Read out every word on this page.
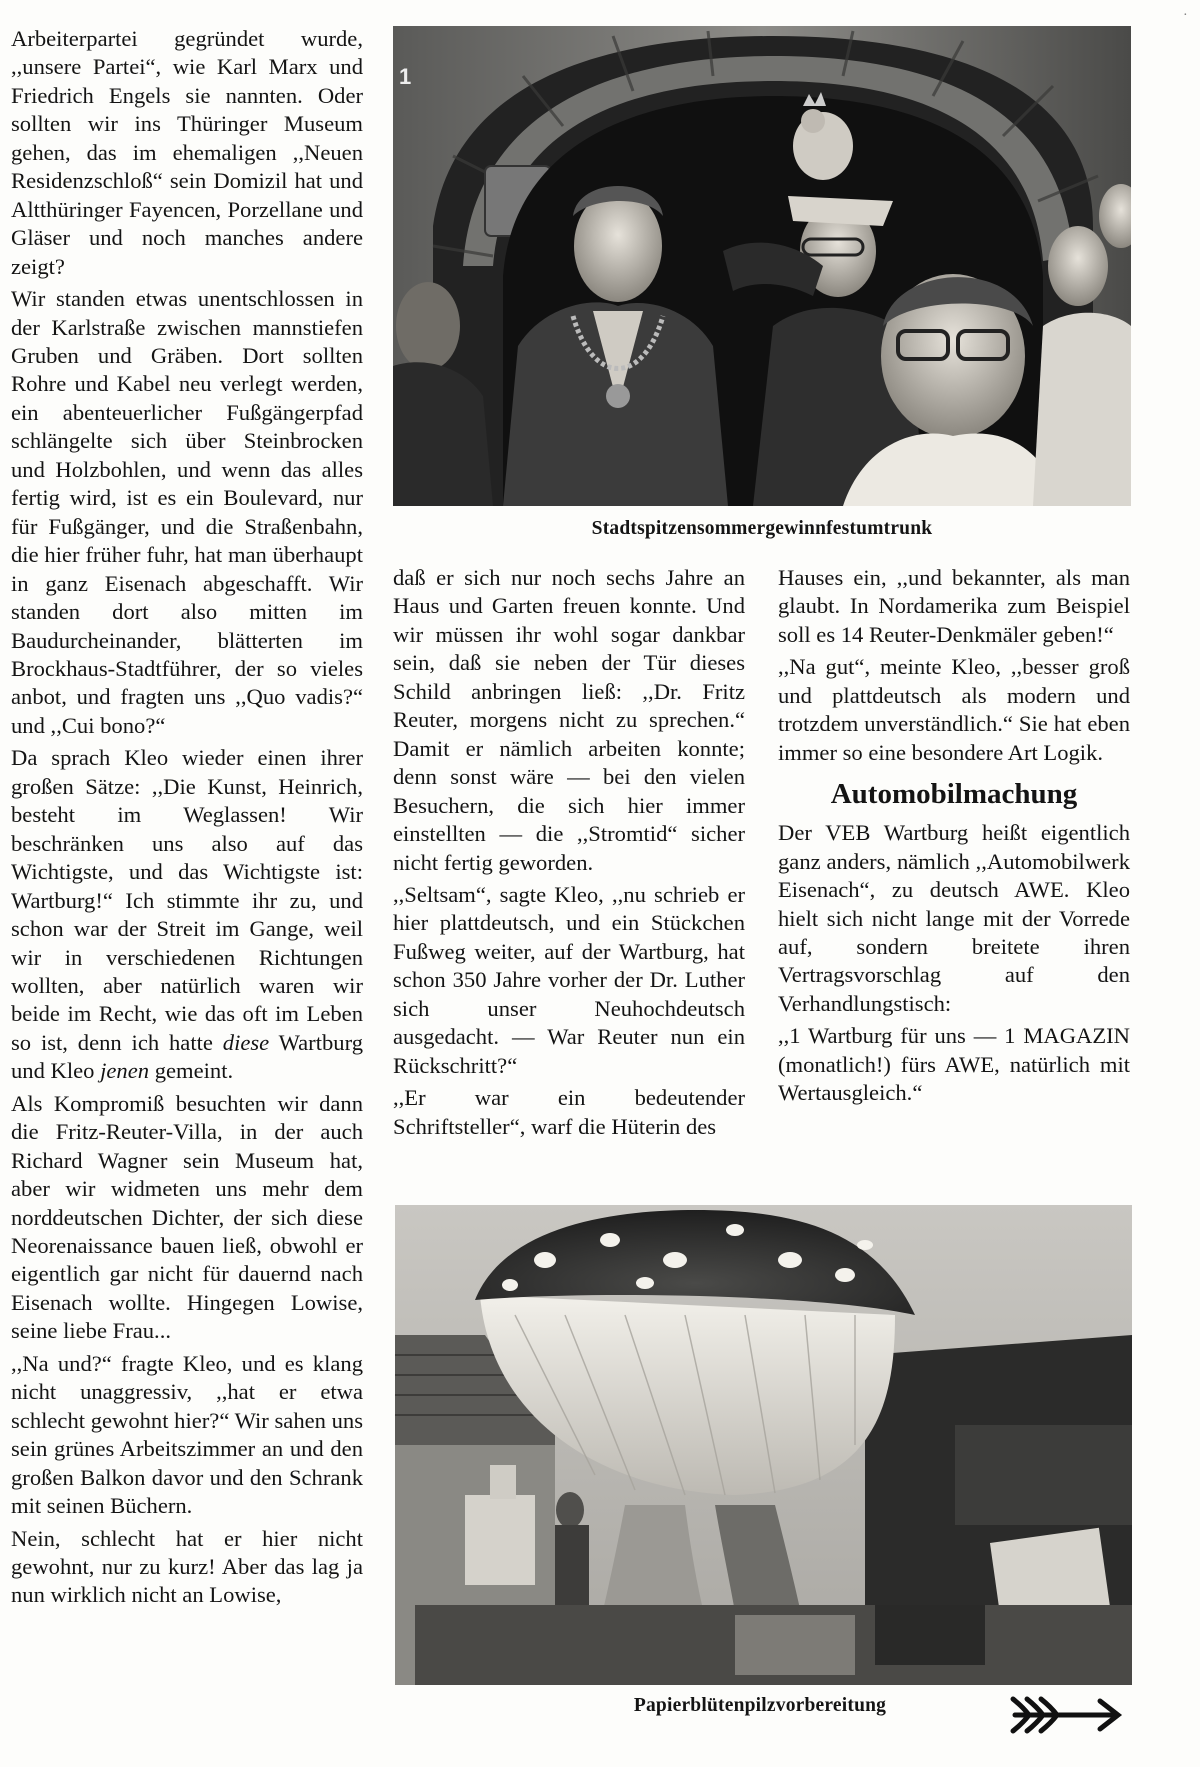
·

Arbeiterpartei gegründet wurde, ,,unsere Partei“, wie Karl Marx und Friedrich Engels sie nannten. Oder sollten wir ins Thüringer Museum gehen, das im ehemaligen ,,Neuen Residenzschloß“ sein Domizil hat und Altthüringer Fayencen, Porzellane und Gläser und noch manches andere zeigt?

Wir standen etwas unentschlossen in der Karlstraße zwischen mannstiefen Gruben und Gräben. Dort sollten Rohre und Kabel neu verlegt werden, ein abenteuerlicher Fußgängerpfad schlängelte sich über Steinbrocken und Holzbohlen, und wenn das alles fertig wird, ist es ein Boulevard, nur für Fußgänger, und die Straßenbahn, die hier früher fuhr, hat man überhaupt in ganz Eisenach abgeschafft. Wir standen dort also mitten im Baudurcheinander, blätterten im Brockhaus-Stadtführer, der so vieles anbot, und fragten uns ,,Quo vadis?“ und ,,Cui bono?“

Da sprach Kleo wieder einen ihrer großen Sätze: ,,Die Kunst, Heinrich, besteht im Weglassen! Wir beschränken uns also auf das Wichtigste, und das Wichtigste ist: Wartburg!“ Ich stimmte ihr zu, und schon war der Streit im Gange, weil wir in verschiedenen Richtungen wollten, aber natürlich waren wir beide im Recht, wie das oft im Leben so ist, denn ich hatte diese Wartburg und Kleo jenen gemeint.

Als Kompromiß besuchten wir dann die Fritz-Reuter-Villa, in der auch Richard Wagner sein Museum hat, aber wir widmeten uns mehr dem norddeutschen Dichter, der sich diese Neorenaissance bauen ließ, obwohl er eigentlich gar nicht für dauernd nach Eisenach wollte. Hingegen Lowise, seine liebe Frau...

,,Na und?“ fragte Kleo, und es klang nicht unaggressiv, ,,hat er etwa schlecht gewohnt hier?“ Wir sahen uns sein grünes Arbeitszimmer an und den großen Balkon davor und den Schrank mit seinen Büchern.

Nein, schlecht hat er hier nicht gewohnt, nur zu kurz! Aber das lag ja nun wirklich nicht an Lowise,

1
Stadtspitzensommergewinnfestumtrunk

daß er sich nur noch sechs Jahre an Haus und Garten freuen konnte. Und wir müssen ihr wohl sogar dankbar sein, daß sie neben der Tür dieses Schild anbringen ließ: ,,Dr. Fritz Reuter, morgens nicht zu sprechen.“ Damit er nämlich arbeiten konnte; denn sonst wäre — bei den vielen Besuchern, die sich hier immer einstellten — die ,,Stromtid“ sicher nicht fertig geworden.

,,Seltsam“, sagte Kleo, ,,nu schrieb er hier plattdeutsch, und ein Stückchen Fußweg weiter, auf der Wartburg, hat schon 350 Jahre vorher der Dr. Luther sich unser Neuhochdeutsch ausgedacht. — War Reuter nun ein Rückschritt?“

,,Er war ein bedeutender Schriftsteller“, warf die Hüterin des

Hauses ein, ,,und bekannter, als man glaubt. In Nordamerika zum Beispiel soll es 14 Reuter-Denkmäler geben!“

,,Na gut“, meinte Kleo, ,,besser groß und plattdeutsch als modern und trotzdem unverständlich.“ Sie hat eben immer so eine besondere Art Logik.

Automobilmachung

Der VEB Wartburg heißt eigentlich ganz anders, nämlich ,,Automobilwerk Eisenach“, zu deutsch AWE. Kleo hielt sich nicht lange mit der Vorrede auf, sondern breitete ihren Vertragsvorschlag auf den Verhandlungstisch:

,,1 Wartburg für uns — 1 MAGAZIN (monatlich!) fürs AWE, natürlich mit Wertausgleich.“

Papierblütenpilzvorbereitung
